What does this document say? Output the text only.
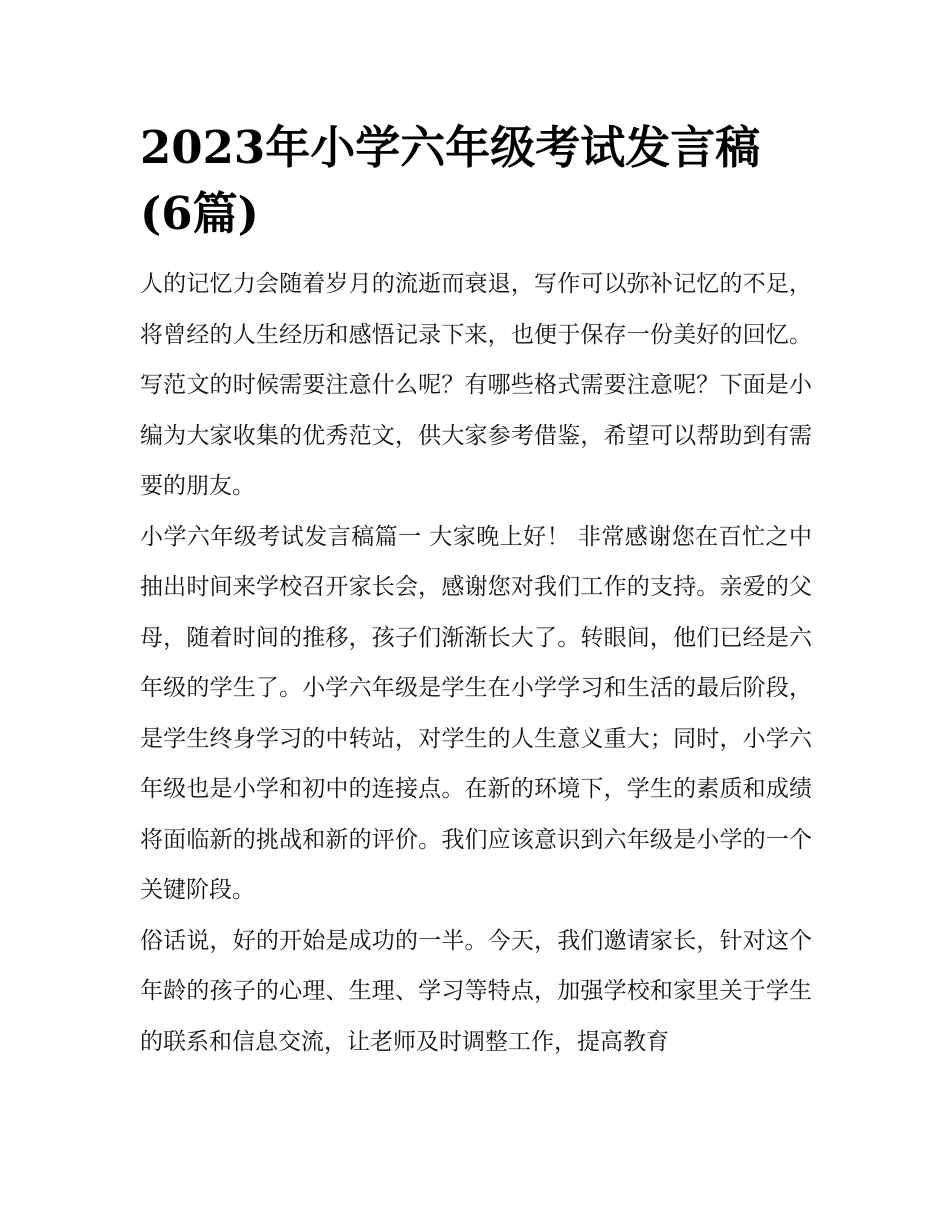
2023年小学六年级考试发言稿(6篇)

人的记忆力会随着岁月的流逝而衰退，写作可以弥补记忆的不足，将曾经的人生经历和感悟记录下来，也便于保存一份美好的回忆。写范文的时候需要注意什么呢？有哪些格式需要注意呢？下面是小编为大家收集的优秀范文，供大家参考借鉴，希望可以帮助到有需要的朋友。

小学六年级考试发言稿篇一 大家晚上好！ 非常感谢您在百忙之中抽出时间来学校召开家长会，感谢您对我们工作的支持。亲爱的父母，随着时间的推移，孩子们渐渐长大了。转眼间，他们已经是六年级的学生了。小学六年级是学生在小学学习和生活的最后阶段，是学生终身学习的中转站，对学生的人生意义重大；同时，小学六年级也是小学和初中的连接点。在新的环境下，学生的素质和成绩将面临新的挑战和新的评价。我们应该意识到六年级是小学的一个关键阶段。

俗话说，好的开始是成功的一半。今天，我们邀请家长，针对这个年龄的孩子的心理、生理、学习等特点，加强学校和家里关于学生的联系和信息交流，让老师及时调整工作，提高教育
